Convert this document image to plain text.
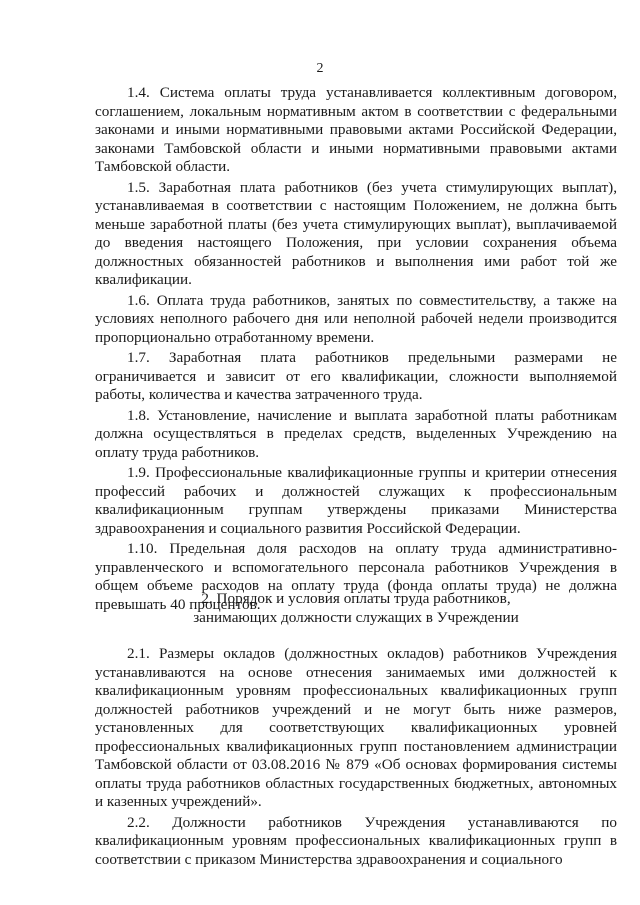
2

1.4. Система оплаты труда устанавливается коллективным договором, соглашением, локальным нормативным актом в соответствии с федеральными законами и иными нормативными правовыми актами Российской Федерации, законами Тамбовской области и иными нормативными правовыми актами Тамбовской области.

1.5. Заработная плата работников (без учета стимулирующих выплат), устанавливаемая в соответствии с настоящим Положением, не должна быть меньше заработной платы (без учета стимулирующих выплат), выплачиваемой до введения настоящего Положения, при условии сохранения объема должностных обязанностей работников и выполнения ими работ той же квалификации.

1.6. Оплата труда работников, занятых по совместительству, а также на условиях неполного рабочего дня или неполной рабочей недели производится пропорционально отработанному времени.

1.7. Заработная плата работников предельными размерами не ограничивается и зависит от его квалификации, сложности выполняемой работы, количества и качества затраченного труда.

1.8. Установление, начисление и выплата заработной платы работникам должна осуществляться в пределах средств, выделенных Учреждению на оплату труда работников.

1.9. Профессиональные квалификационные группы и критерии отнесения профессий рабочих и должностей служащих к профессиональным квалификационным группам утверждены приказами Министерства здравоохранения и социального развития Российской Федерации.

1.10. Предельная доля расходов на оплату труда административно-управленческого и вспомогательного персонала работников Учреждения в общем объеме расходов на оплату труда (фонда оплаты труда) не должна превышать 40 процентов.

2. Порядок и условия оплаты труда работников,
занимающих должности служащих в Учреждении

2.1. Размеры окладов (должностных окладов) работников Учреждения устанавливаются на основе отнесения занимаемых ими должностей к квалификационным уровням профессиональных квалификационных групп должностей работников учреждений и не могут быть ниже размеров, установленных для соответствующих квалификационных уровней профессиональных квалификационных групп постановлением администрации Тамбовской области от 03.08.2016 № 879 «Об основах формирования системы оплаты труда работников областных государственных бюджетных, автономных и казенных учреждений».

2.2. Должности работников Учреждения устанавливаются по квалификационным уровням профессиональных квалификационных групп в соответствии с приказом Министерства здравоохранения и социального
